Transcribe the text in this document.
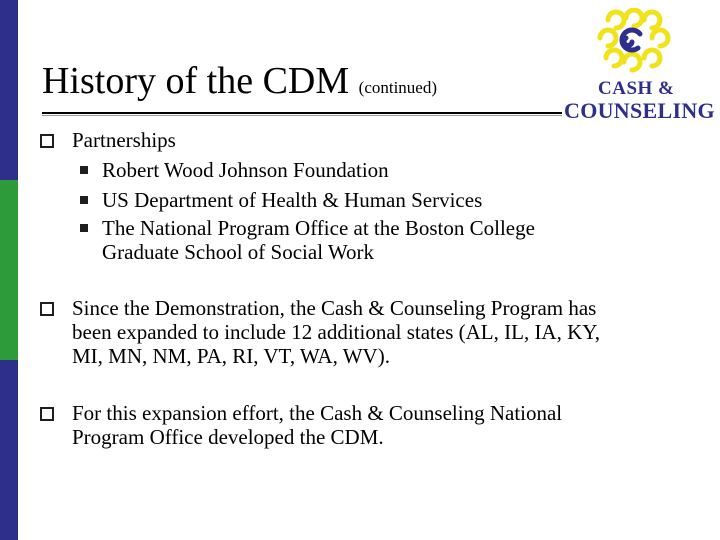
History of the CDM (continued)	CASH &
COUNSELING
Partnerships
Robert Wood Johnson Foundation
US Department of Health & Human Services
The National Program Office at the Boston College
Graduate School of Social Work
Since the Demonstration, the Cash & Counseling Program has
been expanded to include 12 additional states (AL, IL, IA, KY,
MI, MN, NM, PA, RI, VT, WA, WV).
For this expansion effort, the Cash & Counseling National
Program Office developed the CDM.
